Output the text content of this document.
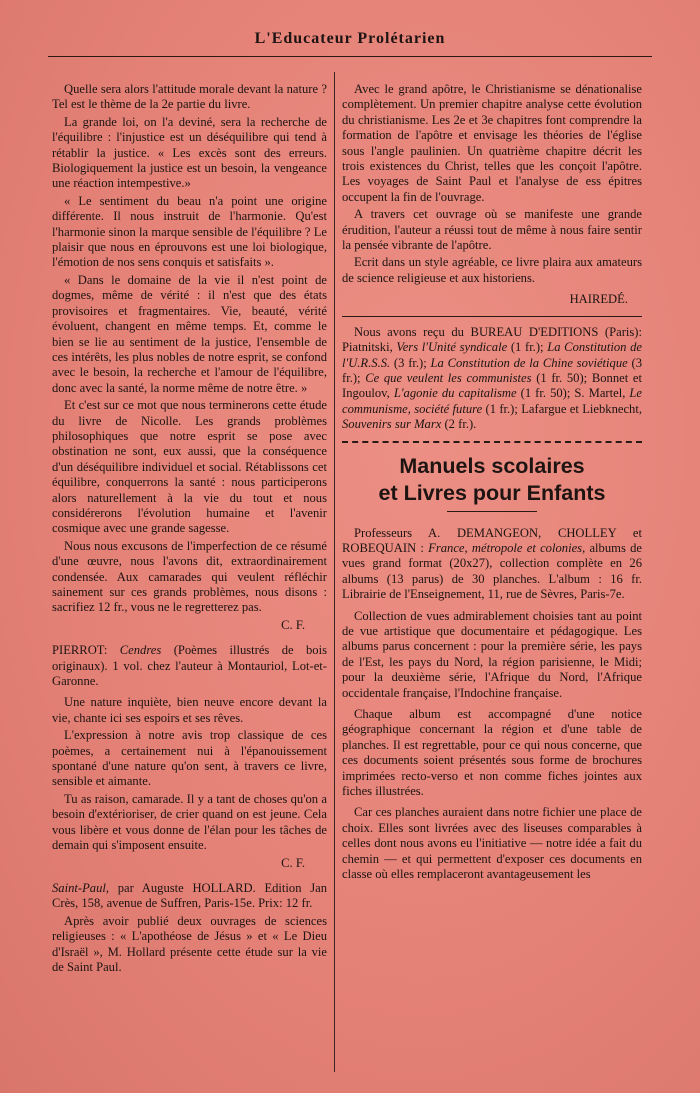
L'Educateur Prolétarien

Quelle sera alors l'attitude morale devant la nature ? Tel est le thème de la 2e partie du livre.

La grande loi, on l'a deviné, sera la recherche de l'équilibre : l'injustice est un déséquilibre qui tend à rétablir la justice. « Les excès sont des erreurs. Biologiquement la justice est un besoin, la vengeance une réaction intempestive.»

« Le sentiment du beau n'a point une origine différente. Il nous instruit de l'harmonie. Qu'est l'harmonie sinon la marque sensible de l'équilibre ? Le plaisir que nous en éprouvons est une loi biologique, l'émotion de nos sens conquis et satisfaits ».

« Dans le domaine de la vie il n'est point de dogmes, même de vérité : il n'est que des états provisoires et fragmentaires. Vie, beauté, vérité évoluent, changent en même temps. Et, comme le bien se lie au sentiment de la justice, l'ensemble de ces intérêts, les plus nobles de notre esprit, se confond avec le besoin, la recherche et l'amour de l'équilibre, donc avec la santé, la norme même de notre être. »

Et c'est sur ce mot que nous terminerons cette étude du livre de Nicolle. Les grands problèmes philosophiques que notre esprit se pose avec obstination ne sont, eux aussi, que la conséquence d'un déséquilibre individuel et social. Rétablissons cet équilibre, conquerrons la santé : nous participerons alors naturellement à la vie du tout et nous considérerons l'évolution humaine et l'avenir cosmique avec une grande sagesse.

Nous nous excusons de l'imperfection de ce résumé d'une œuvre, nous l'avons dit, extraordinairement condensée. Aux camarades qui veulent réfléchir sainement sur ces grands problèmes, nous disons : sacrifiez 12 fr., vous ne le regretterez pas.

C. F.

PIERROT: Cendres (Poèmes illustrés de bois originaux). 1 vol. chez l'auteur à Montauriol, Lot-et-Garonne.

Une nature inquiète, bien neuve encore devant la vie, chante ici ses espoirs et ses rêves.

L'expression à notre avis trop classique de ces poèmes, a certainement nui à l'épanouissement spontané d'une nature qu'on sent, à travers ce livre, sensible et aimante.

Tu as raison, camarade. Il y a tant de choses qu'on a besoin d'extérioriser, de crier quand on est jeune. Cela vous libère et vous donne de l'élan pour les tâches de demain qui s'imposent ensuite.

C. F.

Saint-Paul, par Auguste HOLLARD. Edition Jan Crès, 158, avenue de Suffren, Paris-15e. Prix: 12 fr.

Après avoir publié deux ouvrages de sciences religieuses : « L'apothéose de Jésus » et « Le Dieu d'Israël », M. Hollard présente cette étude sur la vie de Saint Paul.

Avec le grand apôtre, le Christianisme se dénationalise complètement. Un premier chapitre analyse cette évolution du christianisme. Les 2e et 3e chapitres font comprendre la formation de l'apôtre et envisage les théories de l'église sous l'angle paulinien. Un quatrième chapitre décrit les trois existences du Christ, telles que les conçoit l'apôtre. Les voyages de Saint Paul et l'analyse de ess épitres occupent la fin de l'ouvrage.

A travers cet ouvrage où se manifeste une grande érudition, l'auteur a réussi tout de même à nous faire sentir la pensée vibrante de l'apôtre.

Ecrit dans un style agréable, ce livre plaira aux amateurs de science religieuse et aux historiens.

HAIREDÉ.

Nous avons reçu du BUREAU D'EDITIONS (Paris): Piatnitski, Vers l'Unité syndicale (1 fr.); La Constitution de l'U.R.S.S. (3 fr.); La Constitution de la Chine soviétique (3 fr.); Ce que veulent les communistes (1 fr. 50); Bonnet et Ingoulov, L'agonie du capitalisme (1 fr. 50); S. Martel, Le communisme, société future (1 fr.); Lafargue et Liebknecht, Souvenirs sur Marx (2 fr.).

Manuels scolaires
et Livres pour Enfants

Professeurs A. DEMANGEON, CHOLLEY et ROBEQUAIN : France, métropole et colonies, albums de vues grand format (20x27), collection complète en 26 albums (13 parus) de 30 planches. L'album : 16 fr. Librairie de l'Enseignement, 11, rue de Sèvres, Paris-7e.

Collection de vues admirablement choisies tant au point de vue artistique que documentaire et pédagogique. Les albums parus concernent : pour la première série, les pays de l'Est, les pays du Nord, la région parisienne, le Midi; pour la deuxième série, l'Afrique du Nord, l'Afrique occidentale française, l'Indochine française.

Chaque album est accompagné d'une notice géographique concernant la région et d'une table de planches. Il est regrettable, pour ce qui nous concerne, que ces documents soient présentés sous forme de brochures imprimées recto-verso et non comme fiches jointes aux fiches illustrées.

Car ces planches auraient dans notre fichier une place de choix. Elles sont livrées avec des liseuses comparables à celles dont nous avons eu l'initiative — notre idée a fait du chemin — et qui permettent d'exposer ces documents en classe où elles remplaceront avantageusement les
